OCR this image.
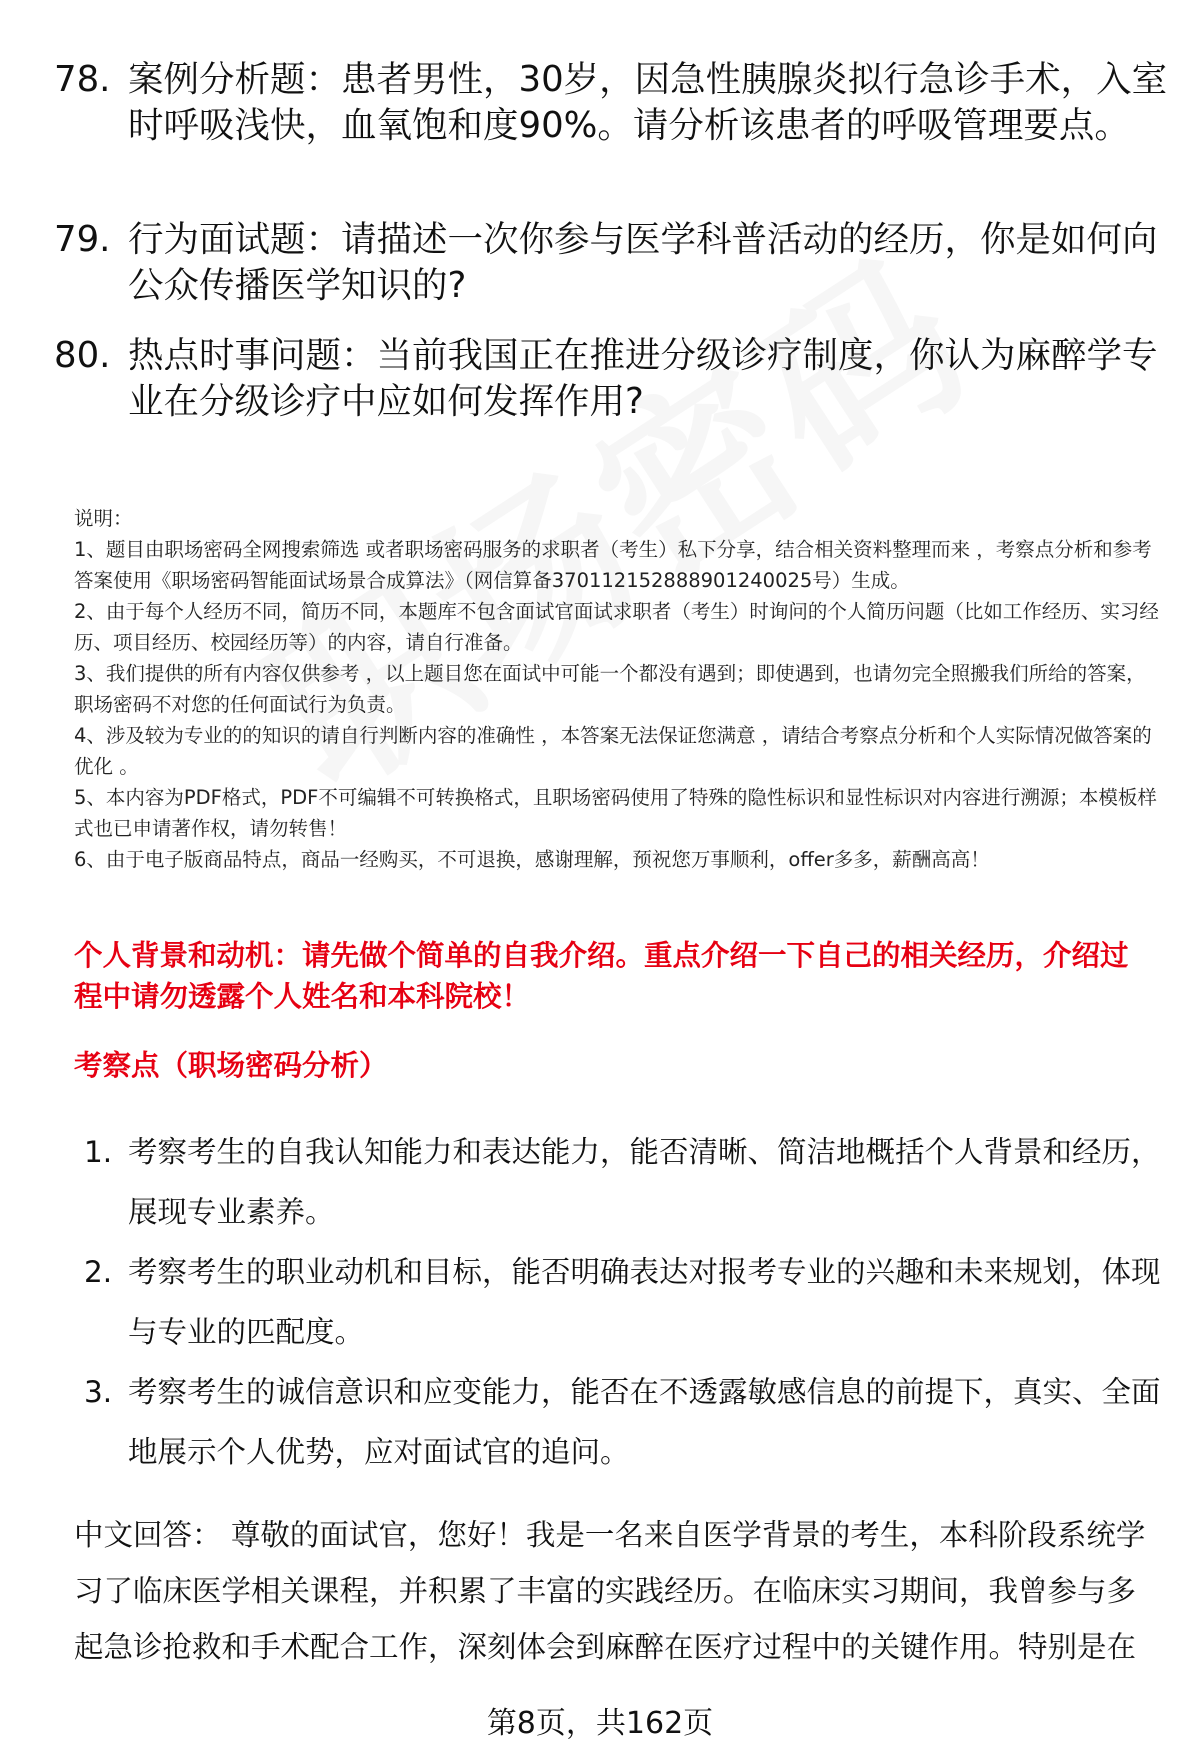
78. 案例分析题：患者男性，30岁，因急性胰腺炎拟行急诊手术，入室时呼吸浅快，血氧饱和度90%。请分析该患者的呼吸管理要点。
79. 行为面试题：请描述一次你参与医学科普活动的经历，你是如何向公众传播医学知识的?
80. 热点时事问题：当前我国正在推进分级诊疗制度，你认为麻醉学专业在分级诊疗中应如何发挥作用?
说明：
1、题目由职场密码全网搜索筛选 或者职场密码服务的求职者（考生）私下分享，结合相关资料整理而来 ，考察点分析和参考答案使用《职场密码智能面试场景合成算法》（网信算备370112152888901240025号）生成。
2、由于每个人经历不同，简历不同，本题库不包含面试官面试求职者（考生）时询问的个人简历问题（比如工作经历、实习经历、项目经历、校园经历等）的内容，请自行准备。
3、我们提供的所有内容仅供参考 ，以上题目您在面试中可能一个都没有遇到；即使遇到，也请勿完全照搬我们所给的答案，职场密码不对您的任何面试行为负责。
4、涉及较为专业的的知识的请自行判断内容的准确性 ，本答案无法保证您满意 ，请结合考察点分析和个人实际情况做答案的优化 。
5、本内容为PDF格式，PDF不可编辑不可转换格式，且职场密码使用了特殊的隐性标识和显性标识对内容进行溯源；本模板样式也已申请著作权，请勿转售！
6、由于电子版商品特点，商品一经购买，不可退换，感谢理解，预祝您万事顺利，offer多多，薪酬高高！
个人背景和动机：请先做个简单的自我介绍。重点介绍一下自己的相关经历，介绍过程中请勿透露个人姓名和本科院校！
考察点（职场密码分析）
1. 考察考生的自我认知能力和表达能力，能否清晰、简洁地概括个人背景和经历，展现专业素养。
2. 考察考生的职业动机和目标，能否明确表达对报考专业的兴趣和未来规划，体现与专业的匹配度。
3. 考察考生的诚信意识和应变能力，能否在不透露敏感信息的前提下，真实、全面地展示个人优势，应对面试官的追问。
中文回答： 尊敬的面试官，您好！我是一名来自医学背景的考生，本科阶段系统学习了临床医学相关课程，并积累了丰富的实践经历。在临床实习期间，我曾参与多起急诊抢救和手术配合工作，深刻体会到麻醉在医疗过程中的关键作用。特别是在
第8页，共162页
